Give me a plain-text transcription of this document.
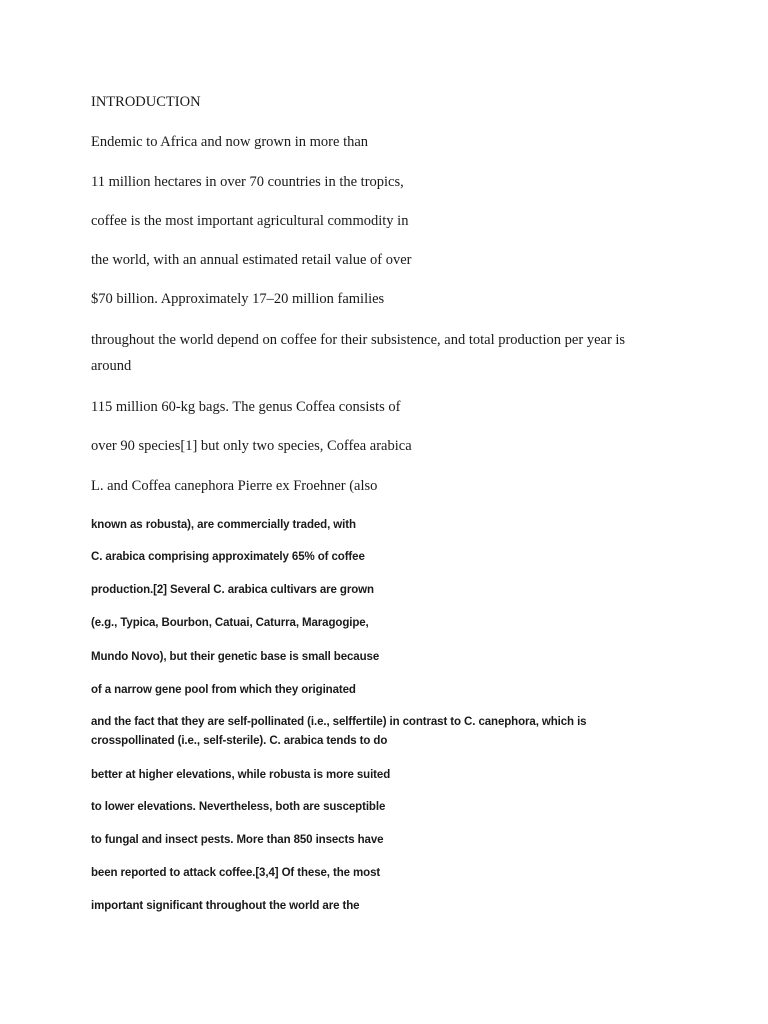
INTRODUCTION

Endemic to Africa and now grown in more than

11 million hectares in over 70 countries in the tropics,

coffee is the most important agricultural commodity in

the world, with an annual estimated retail value of over

$70 billion. Approximately 17–20 million families

throughout the world depend on coffee for their subsistence, and total production per year is around

115 million 60-kg bags. The genus Coffea consists of

over 90 species[1] but only two species, Coffea arabica

L. and Coffea canephora Pierre ex Froehner (also

known as robusta), are commercially traded, with

C. arabica comprising approximately 65% of coffee

production.[2] Several C. arabica cultivars are grown

(e.g., Typica, Bourbon, Catuai, Caturra, Maragogipe,

Mundo Novo), but their genetic base is small because

of a narrow gene pool from which they originated

and the fact that they are self-pollinated (i.e., selffertile) in contrast to C. canephora, which is crosspollinated (i.e., self-sterile). C. arabica tends to do

better at higher elevations, while robusta is more suited

to lower elevations. Nevertheless, both are susceptible

to fungal and insect pests. More than 850 insects have

been reported to attack coffee.[3,4] Of these, the most

important significant throughout the world are the
